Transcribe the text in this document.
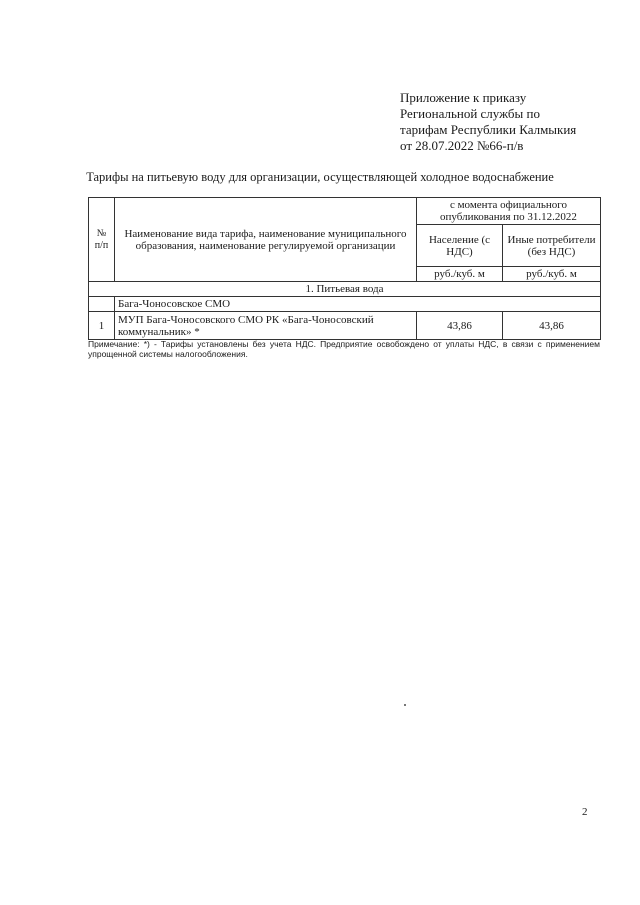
Приложение к приказу
Региональной службы по
тарифам Республики Калмыкия
от 28.07.2022 №66-п/в
Тарифы на питьевую воду для организации, осуществляющей холодное водоснабжение
№ п/п	Наименование вида тарифа, наименование муниципального образования, наименование регулируемой организации	с момента официального опубликования по 31.12.2022	
		Население (с НДС)	Иные потребители (без НДС)
		руб./куб. м	руб./куб. м
1. Питьевая вода			
	Бага-Чоносовское СМО		
1	МУП Бага-Чоносовского СМО РК «Бага-Чоносовский коммунальник» *	43,86	43,86
Примечание: *) - Тарифы установлены без учета НДС. Предприятие освобождено от уплаты НДС, в связи с применением упрощенной системы налогообложения.
2
